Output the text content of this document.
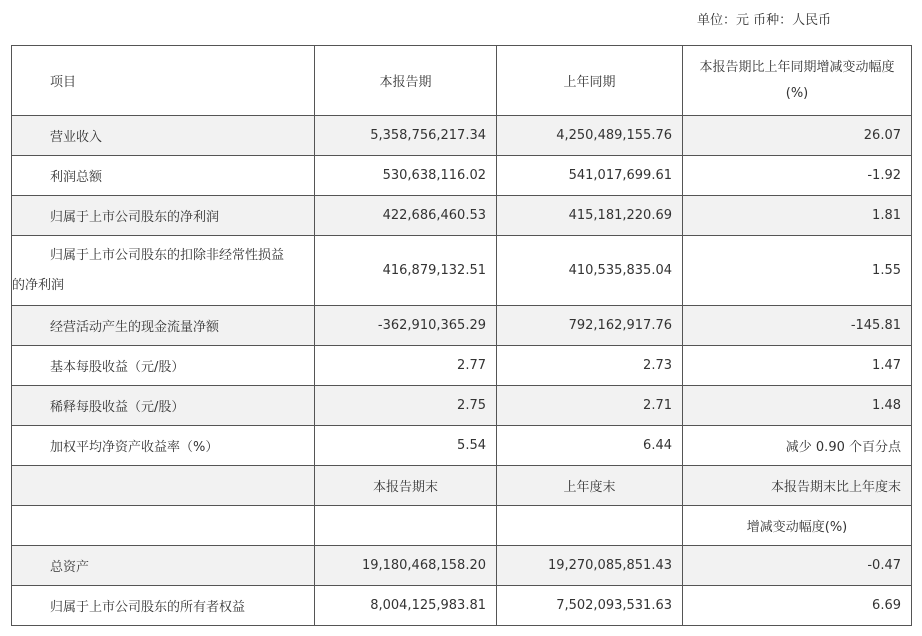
单位：元 币种：人民币
项目	本报告期	上年同期	本报告期比上年同期增减变动幅度(%)
营业收入	5,358,756,217.34	4,250,489,155.76	26.07
利润总额	530,638,116.02	541,017,699.61	-1.92
归属于上市公司股东的净利润	422,686,460.53	415,181,220.69	1.81

归属于上市公司股东的扣除非经常性损益
的净利润	416,879,132.51	410,535,835.04	1.55
经营活动产生的现金流量净额	-362,910,365.29	792,162,917.76	-145.81
基本每股收益（元/股）	2.77	2.73	1.47
稀释每股收益（元/股）	2.75	2.71	1.48
加权平均净资产收益率（%）	5.54	6.44	减少 0.90 个百分点
	本报告期末	上年度末	本报告期末比上年度末
			增减变动幅度(%)
总资产	19,180,468,158.20	19,270,085,851.43	-0.47
归属于上市公司股东的所有者权益	8,004,125,983.81	7,502,093,531.63	6.69
